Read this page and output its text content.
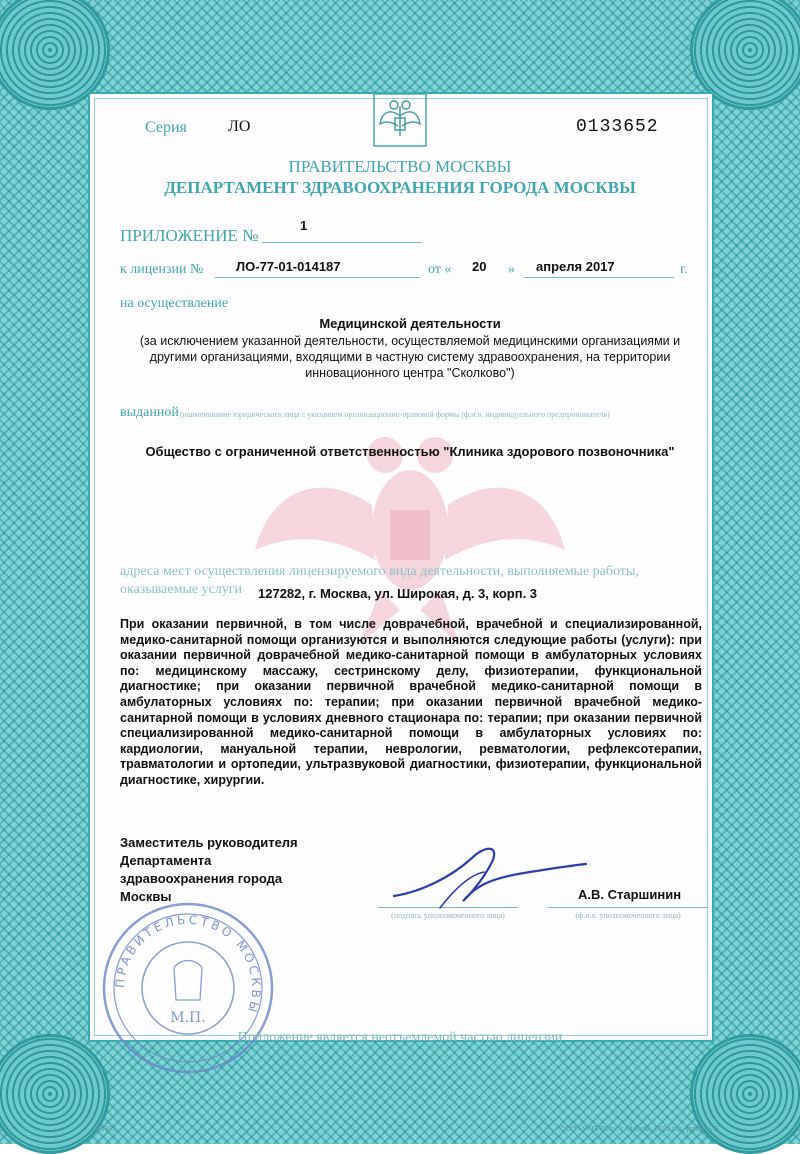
Серия	ЛО	0133652
ПРАВИТЕЛЬСТВО МОСКВЫ
ДЕПАРТАМЕНТ ЗДРАВООХРАНЕНИЯ ГОРОДА МОСКВЫ
ПРИЛОЖЕНИЕ №
1
к лицензии №	ЛО-77-01-014187	от « 20 » апреля 2017	г.
на осуществление
Медицинской деятельности
(за исключением указанной деятельности, осуществляемой медицинскими организациями и другими организациями, входящими в частную систему здравоохранения, на территории инновационного центра "Сколково")
выданной (наименование юридического лица с указанием организационно-правовой формы (ф.и.о. индивидуального предпринимателя)
Общество с ограниченной ответственностью "Клиника здорового позвоночника"
адреса мест осуществления лицензируемого вида деятельности, выполняемые работы,
оказываемые услуги 127282, г. Москва, ул. Широкая, д. 3, корп. 3
При оказании первичной, в том числе доврачебной, врачебной и специализированной, медико-санитарной помощи организуются и выполняются следующие работы (услуги): при оказании первичной доврачебной медико-санитарной помощи в амбулаторных условиях по: медицинскому массажу, сестринскому делу, физиотерапии, функциональной диагностике; при оказании первичной врачебной медико-санитарной помощи в амбулаторных условиях по: терапии; при оказании первичной врачебной медико-санитарной помощи в условиях дневного стационара по: терапии; при оказании первичной специализированной медико-санитарной помощи в амбулаторных условиях по: кардиологии, мануальной терапии, неврологии, ревматологии, рефлексотерапии, травматологии и ортопедии, ультразвуковой диагностики, физиотерапии, функциональной диагностике, хирургии.
Заместитель руководителя
Департамента
здравоохранения города
Москвы
(подпись уполномоченного лица)
А.В. Старшинин
(ф.и.о. уполномоченного лица)
ПРАВИТЕЛЬСТВО МОСКВЫ
М.П.
Приложение является неотъемлемой частью лицензии
А3375	ООО «УГТУРАФ», г. Москва, 2015 год, уровень Б
